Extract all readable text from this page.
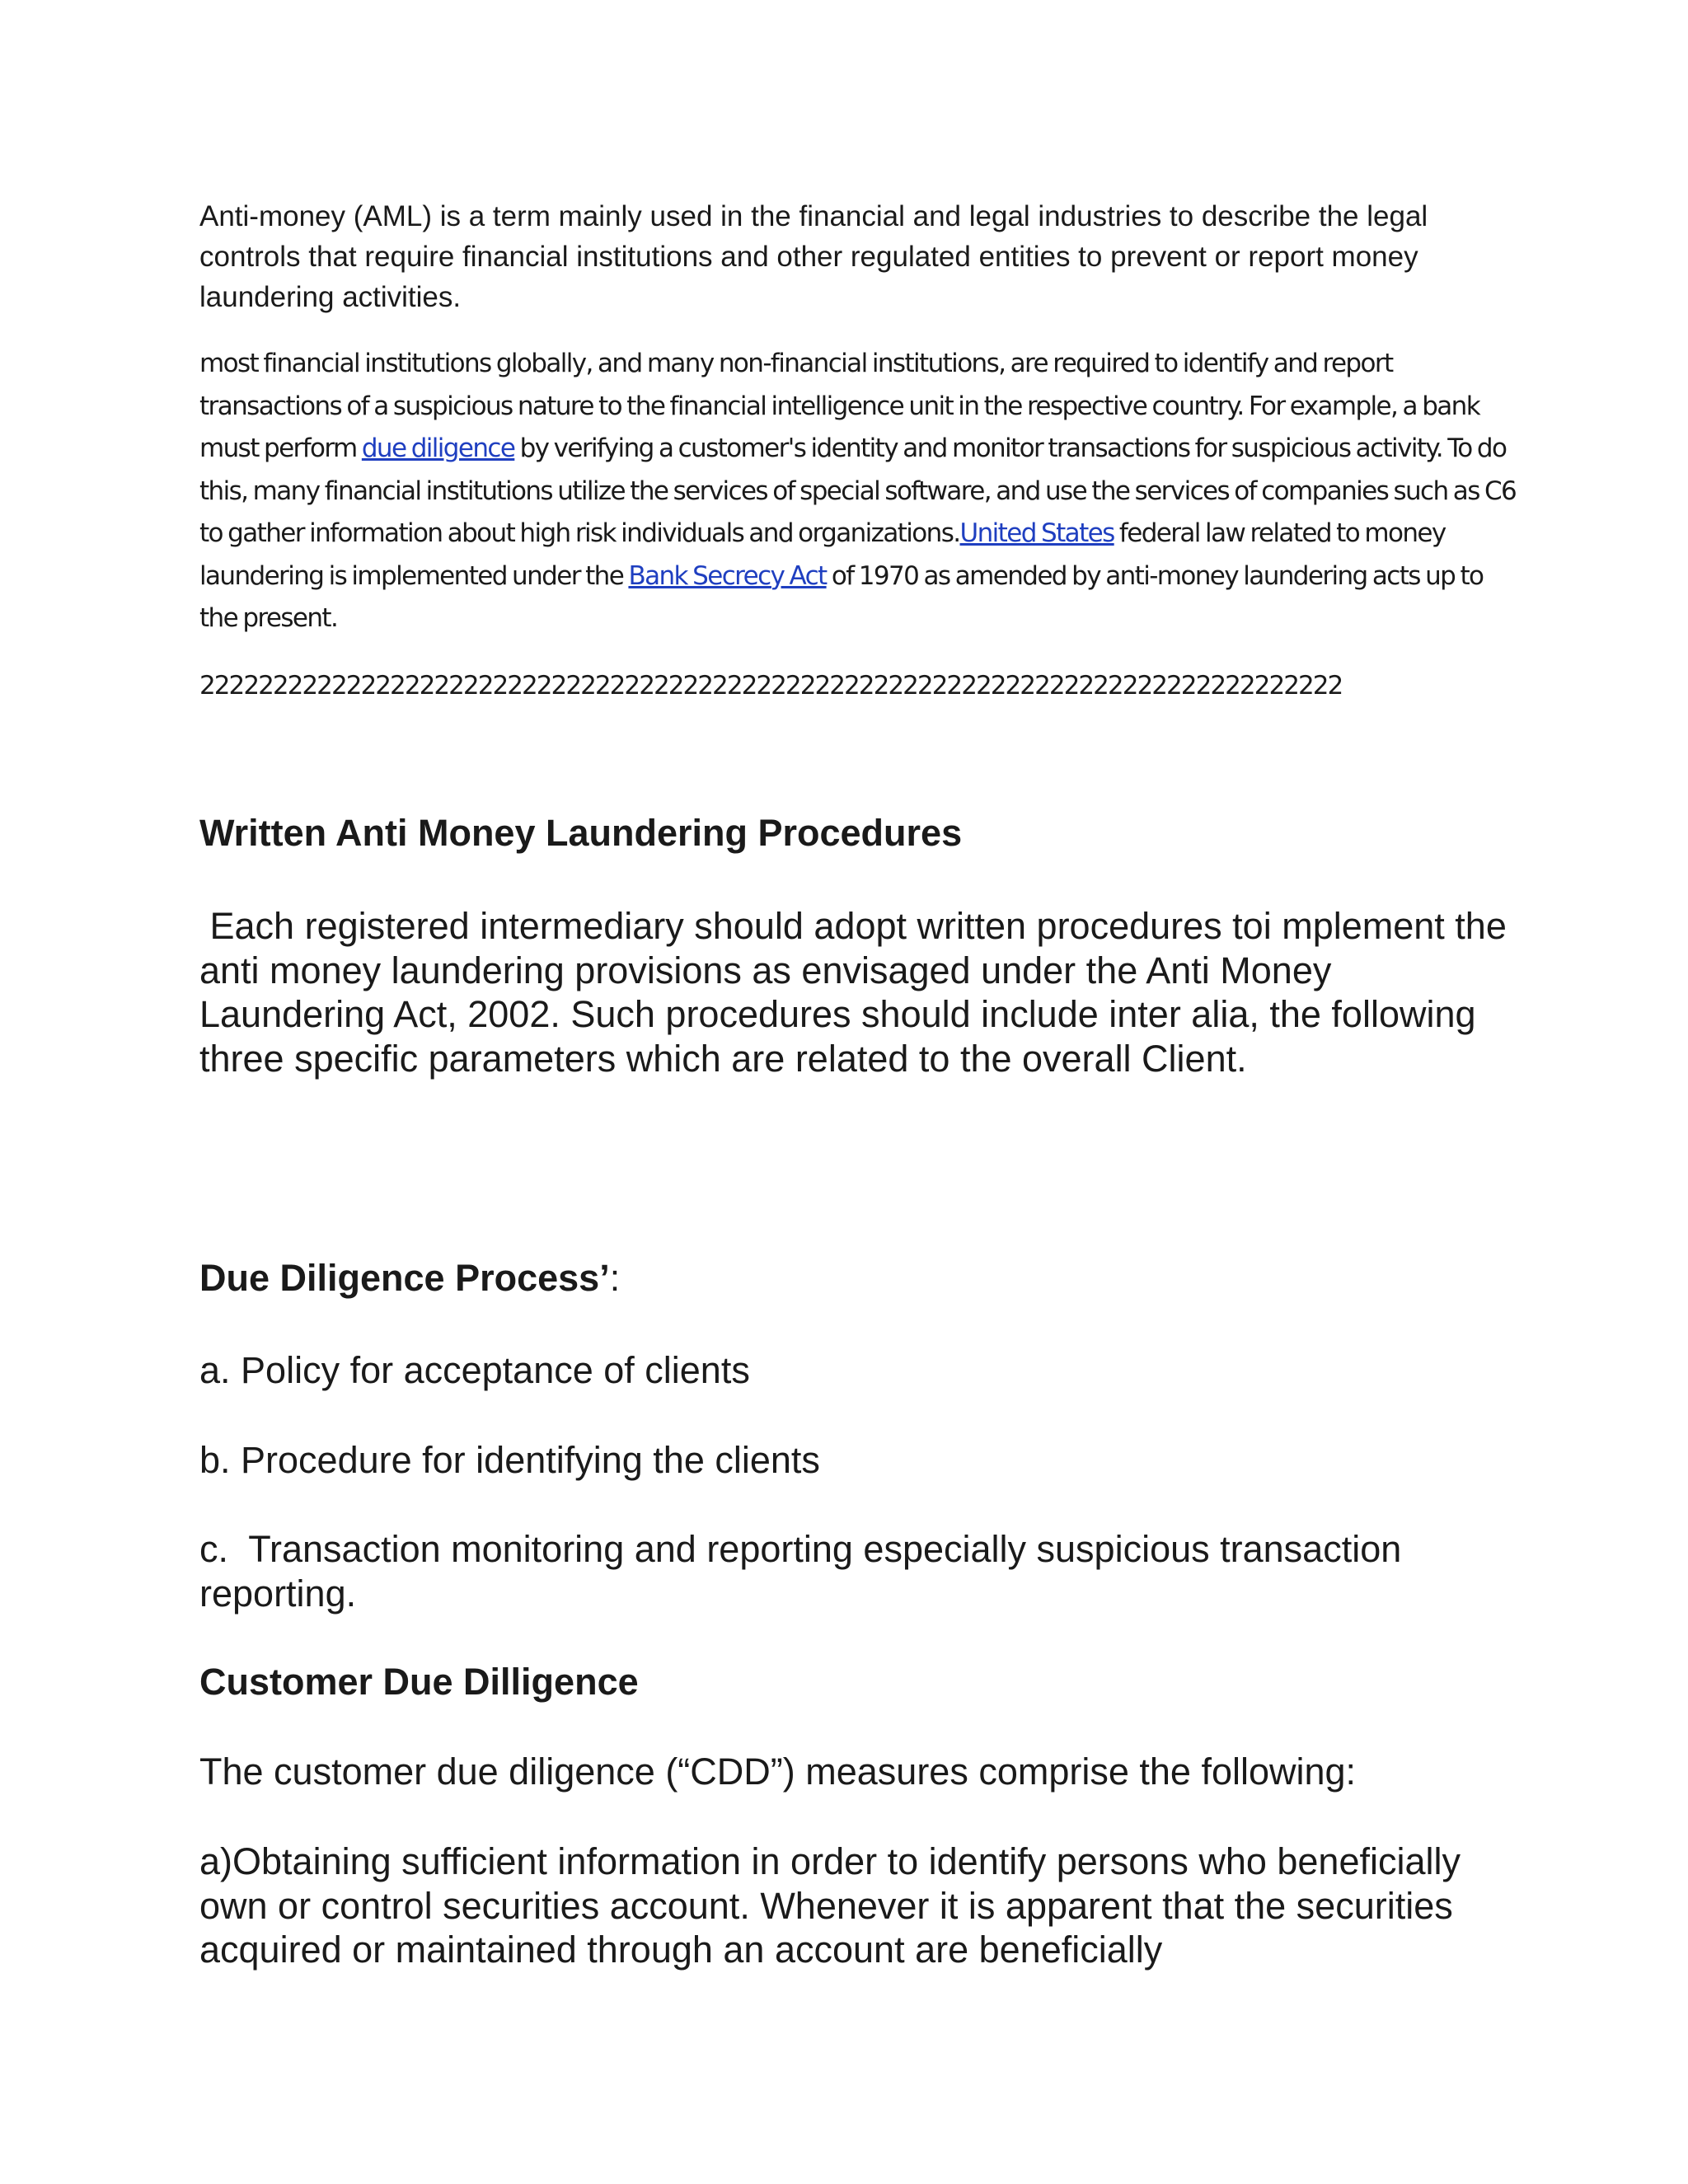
Anti-money (AML) is a term mainly used in the financial and legal industries to describe the legal controls that require financial institutions and other regulated entities to prevent or report money laundering activities.

most financial institutions globally, and many non-financial institutions, are required to identify and report transactions of a suspicious nature to the financial intelligence unit in the respective country. For example, a bank must perform due diligence by verifying a customer's identity and monitor transactions for suspicious activity. To do this, many financial institutions utilize the services of special software, and use the services of companies such as C6 to gather information about high risk individuals and organizations.United States federal law related to money laundering is implemented under the Bank Secrecy Act of 1970 as amended by anti-money laundering acts up to the present.

222222222222222222222222222222222222222222222222222222222222222222222222222222

Written Anti Money Laundering Procedures

Each registered intermediary should adopt written procedures toi mplement the anti money laundering provisions as envisaged under the Anti Money Laundering Act, 2002. Such procedures should include inter alia, the following three specific parameters which are related to the overall Client.

Due Diligence Process’:

a. Policy for acceptance of clients

b. Procedure for identifying the clients

c.  Transaction monitoring and reporting especially suspicious transaction reporting.

Customer Due Dilligence

The customer due diligence (“CDD”) measures comprise the following:

a)Obtaining sufficient information in order to identify persons who beneficially own or control securities account. Whenever it is apparent that the securities acquired or maintained through an account are beneficially
